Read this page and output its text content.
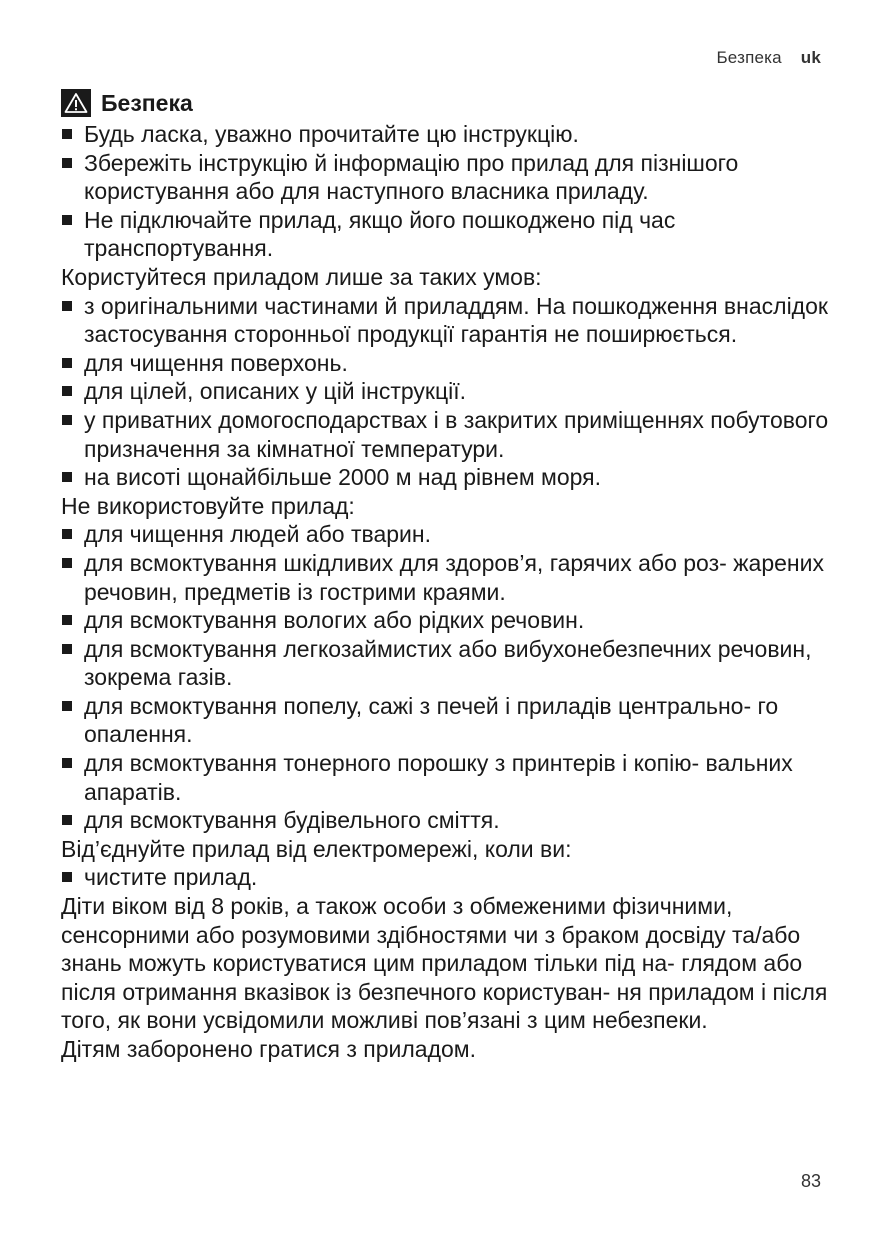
Безпека uk
Безпека
Будь ласка, уважно прочитайте цю інструкцію.
Збережіть інструкцію й інформацію про прилад для пізнішого користування або для наступного власника приладу.
Не підключайте прилад, якщо його пошкоджено під час транспортування.

Користуйтеся приладом лише за таких умов:

з оригінальними частинами й приладдям. На пошкодження внаслідок застосування сторонньої продукції гарантія не поширюється.
для чищення поверхонь.
для цілей, описаних у цій інструкції.
у приватних домогосподарствах і в закритих приміщеннях побутового призначення за кімнатної температури.
на висоті щонайбільше 2000 м над рівнем моря.

Не використовуйте прилад:

для чищення людей або тварин.
для всмоктування шкідливих для здоров’я, гарячих або роз- жарених речовин, предметів із гострими краями.
для всмоктування вологих або рідких речовин.
для всмоктування легкозаймистих або вибухонебезпечних речовин, зокрема газів.
для всмоктування попелу, сажі з печей і приладів центрально- го опалення.
для всмоктування тонерного порошку з принтерів і копію- вальних апаратів.
для всмоктування будівельного сміття.

Від’єднуйте прилад від електромережі, коли ви:

чистите прилад.

Діти віком від 8 років, а також особи з обмеженими фізичними, сенсорними або розумовими здібностями чи з браком досвіду та/або знань можуть користуватися цим приладом тільки під на- глядом або після отримання вказівок із безпечного користуван- ня приладом і після того, як вони усвідомили можливі пов’язані з цим небезпеки.

Дітям заборонено гратися з приладом.

83
